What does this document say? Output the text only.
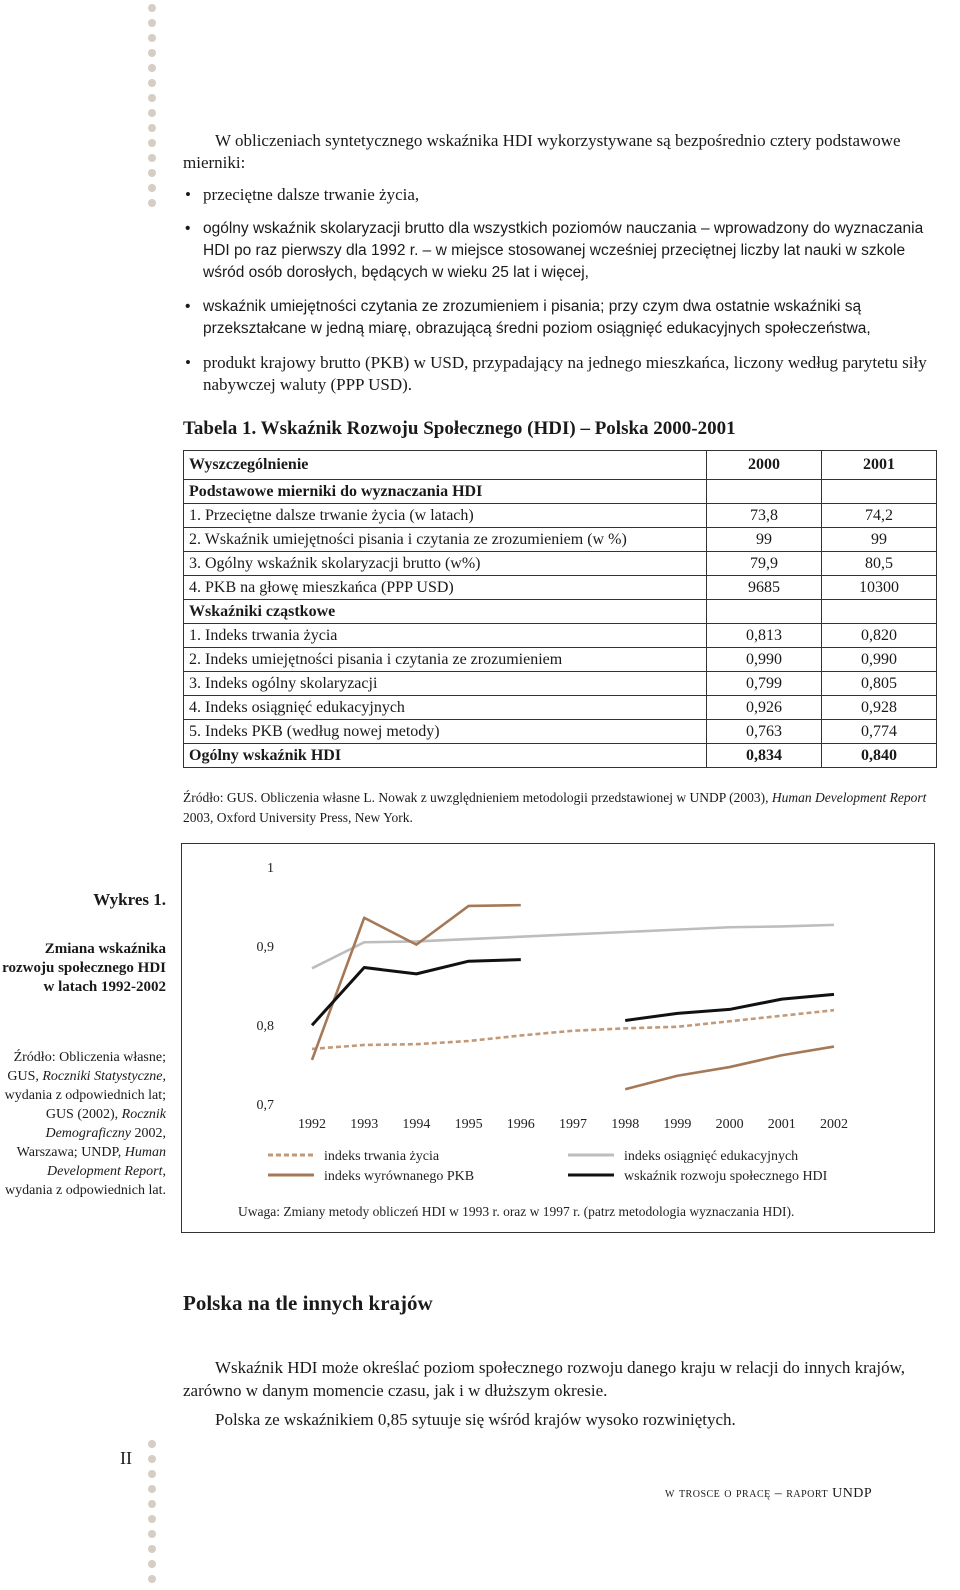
W obliczeniach syntetycznego wskaźnika HDI wykorzystywane są bezpośrednio cztery podstawowe mierniki:

• przeciętne dalsze trwanie życia,
• ogólny wskaźnik skolaryzacji brutto dla wszystkich poziomów nauczania – wprowadzony do wyznaczania HDI po raz pierwszy dla 1992 r. – w miejsce stosowanej wcześniej przeciętnej liczby lat nauki w szkole wśród osób dorosłych, będących w wieku 25 lat i więcej,
• wskaźnik umiejętności czytania ze zrozumieniem i pisania; przy czym dwa ostatnie wskaźniki są przekształcane w jedną miarę, obrazującą średni poziom osiągnięć edukacyjnych społeczeństwa,
• produkt krajowy brutto (PKB) w USD, przypadający na jednego mieszkańca, liczony według parytetu siły nabywczej waluty (PPP USD).
Tabela 1. Wskaźnik Rozwoju Społecznego (HDI) – Polska 2000-2001
Wyszczególnienie	2000	2001
Podstawowe mierniki do wyznaczania HDI		
1. Przeciętne dalsze trwanie życia (w latach)	73,8	74,2
2. Wskaźnik umiejętności pisania i czytania ze zrozumieniem (w %)	99	99
3. Ogólny wskaźnik skolaryzacji brutto (w%)	79,9	80,5
4. PKB na głowę mieszkańca (PPP USD)	9685	10300
Wskaźniki cząstkowe		
1. Indeks trwania życia	0,813	0,820
2. Indeks umiejętności pisania i czytania ze zrozumieniem	0,990	0,990
3. Indeks ogólny skolaryzacji	0,799	0,805
4. Indeks osiągnięć edukacyjnych	0,926	0,928
5. Indeks PKB (według nowej metody)	0,763	0,774
Ogólny wskaźnik HDI	0,834	0,840
Źródło: GUS. Obliczenia własne L. Nowak z uwzględnieniem metodologii przedstawionej w UNDP (2003), Human Development Report 2003, Oxford University Press, New York.
Wykres 1.
Zmiana wskaźnika rozwoju społecznego HDI w latach 1992-2002
Źródło: Obliczenia własne; GUS, Roczniki Statystyczne, wydania z odpowiednich lat; GUS (2002), Rocznik Demograficzny 2002, Warszawa; UNDP, Human Development Report, wydania z odpowiednich lat.
0,7
0,8
0,9
1
1992 1993 1994 1995 1996 1997 1998 1999 2000 2001 2002
indeks trwania życia	indeks osiągnięć edukacyjnych
indeks wyrównanego PKB	wskaźnik rozwoju społecznego HDI
Uwaga: Zmiany metody obliczeń HDI w 1993 r. oraz w 1997 r. (patrz metodologia wyznaczania HDI).
Polska na tle innych krajów

Wskaźnik HDI może określać poziom społecznego rozwoju danego kraju w relacji do innych krajów, zarówno w danym momencie czasu, jak i w dłuższym okresie.

Polska ze wskaźnikiem 0,85 sytuuje się wśród krajów wysoko rozwiniętych.

II
w trosce o pracę – raport UNDP
